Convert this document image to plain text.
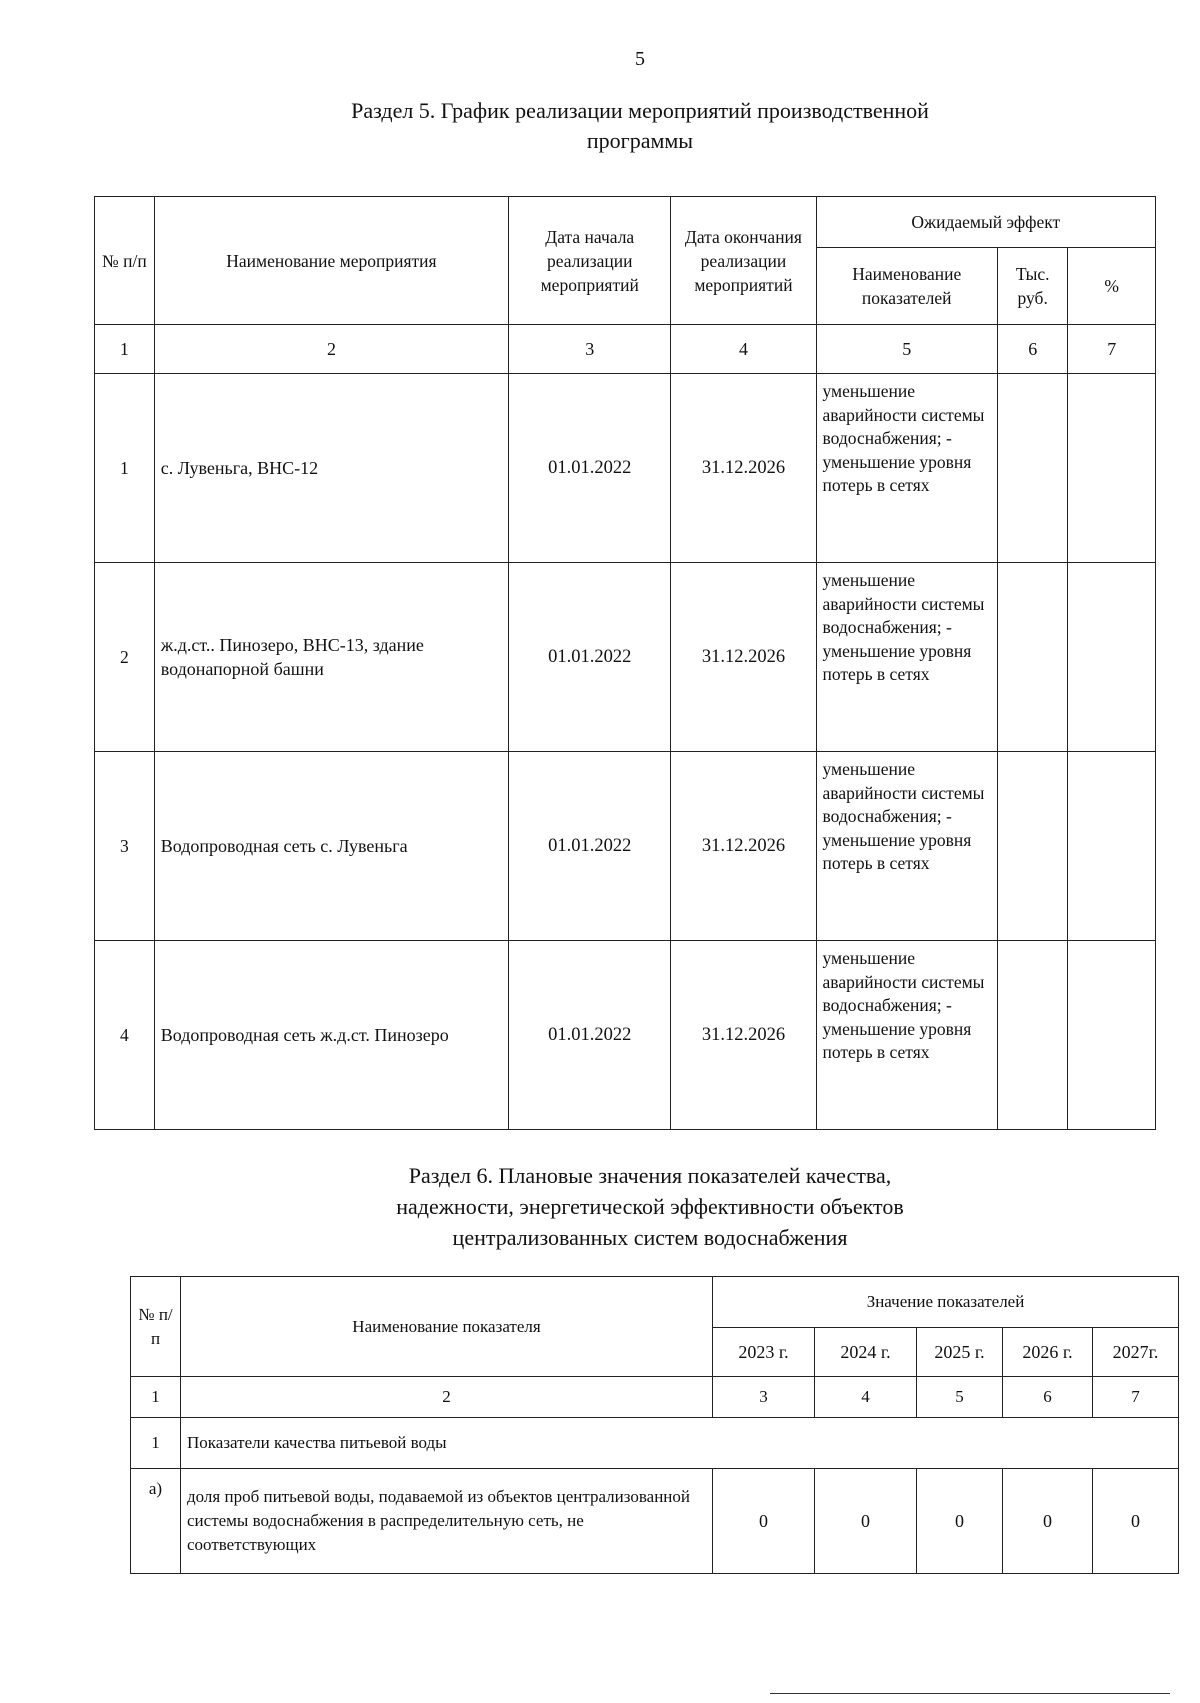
5
Раздел 5. График реализации мероприятий производственной
программы
№ п/п	Наименование мероприятия	Дата начала реализации мероприятий	Дата окончания реализации мероприятий	Ожидаемый эффект		
				Наименование показателей	Тыс. руб.	%
1	2	3	4	5	6	7
1	с. Лувеньга, ВНС-12	01.01.2022	31.12.2026	уменьшение аварийности системы водоснабжения; - уменьшение уровня потерь в сетях		
2	ж.д.ст.. Пинозеро, ВНС-13, здание водонапорной башни	01.01.2022	31.12.2026	уменьшение аварийности системы водоснабжения; - уменьшение уровня потерь в сетях		
3	Водопроводная сеть с. Лувеньга	01.01.2022	31.12.2026	уменьшение аварийности системы водоснабжения; - уменьшение уровня потерь в сетях		
4	Водопроводная сеть ж.д.ст. Пинозеро	01.01.2022	31.12.2026	уменьшение аварийности системы водоснабжения; - уменьшение уровня потерь в сетях		
Раздел 6. Плановые значения показателей качества,
надежности, энергетической эффективности объектов
централизованных систем водоснабжения
№ п/п	Наименование показателя	Значение показателей				
		2023 г.	2024 г.	2025 г.	2026 г.	2027г.
1	2	3	4	5	6	7
1	Показатели качества питьевой воды					
а)	доля проб питьевой воды, подаваемой из объектов централизованной системы водоснабжения в распределительную сеть, не соответствующих	0	0	0	0	0
